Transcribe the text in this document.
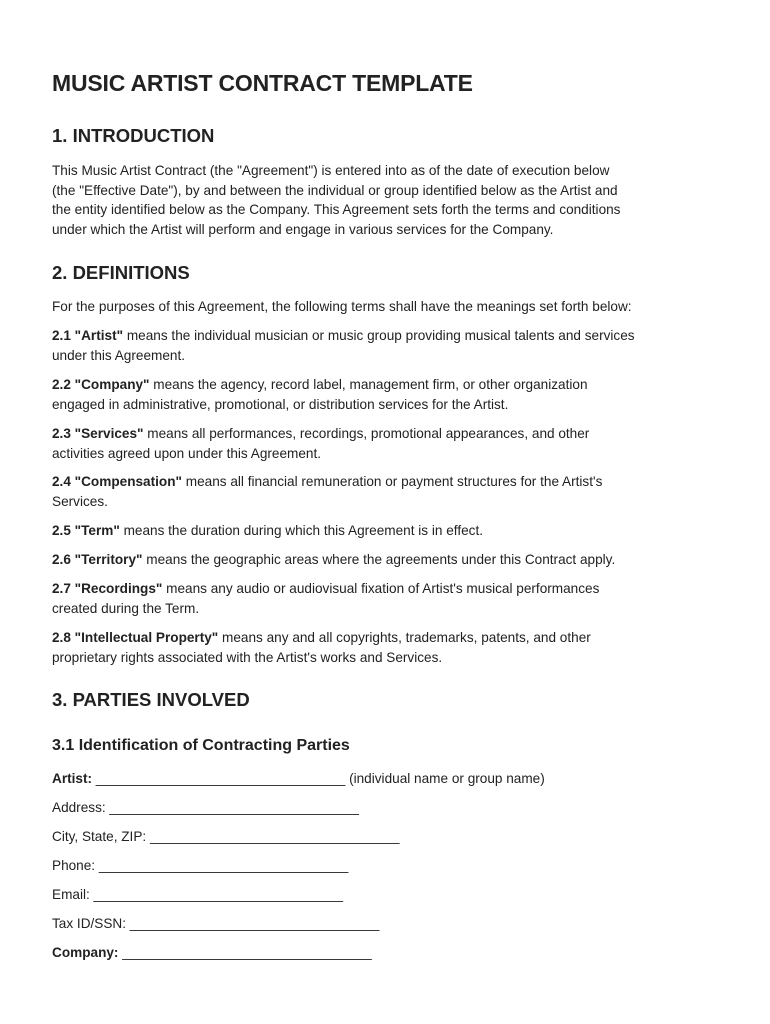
MUSIC ARTIST CONTRACT TEMPLATE
1. INTRODUCTION

This Music Artist Contract (the "Agreement") is entered into as of the date of execution below
(the "Effective Date"), by and between the individual or group identified below as the Artist and
the entity identified below as the Company. This Agreement sets forth the terms and conditions
under which the Artist will perform and engage in various services for the Company.

2. DEFINITIONS

For the purposes of this Agreement, the following terms shall have the meanings set forth below:

2.1 "Artist" means the individual musician or music group providing musical talents and services
under this Agreement.

2.2 "Company" means the agency, record label, management firm, or other organization
engaged in administrative, promotional, or distribution services for the Artist.

2.3 "Services" means all performances, recordings, promotional appearances, and other
activities agreed upon under this Agreement.

2.4 "Compensation" means all financial remuneration or payment structures for the Artist's
Services.

2.5 "Term" means the duration during which this Agreement is in effect.

2.6 "Territory" means the geographic areas where the agreements under this Contract apply.

2.7 "Recordings" means any audio or audiovisual fixation of Artist's musical performances
created during the Term.

2.8 "Intellectual Property" means any and all copyrights, trademarks, patents, and other
proprietary rights associated with the Artist's works and Services.

3. PARTIES INVOLVED
3.1 Identification of Contracting Parties

Artist: _________________________________ (individual name or group name)

Address: _________________________________

City, State, ZIP: _________________________________

Phone: _________________________________

Email: _________________________________

Tax ID/SSN: _________________________________

Company: _________________________________
